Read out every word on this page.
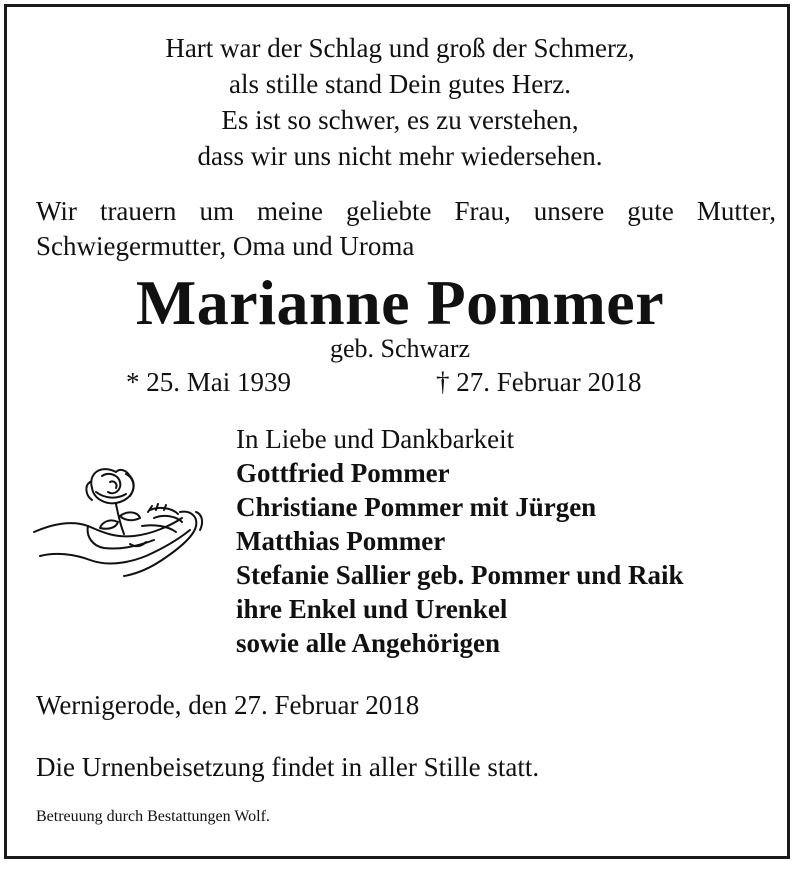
Hart war der Schlag und groß der Schmerz,
als stille stand Dein gutes Herz.
Es ist so schwer, es zu verstehen,
dass wir uns nicht mehr wiedersehen.
Wir trauern um meine geliebte Frau, unsere gute Mutter,
Schwiegermutter, Oma und Uroma
Marianne Pommer
geb. Schwarz
* 25. Mai 1939	† 27. Februar 2018
In Liebe und Dankbarkeit
Gottfried Pommer
Christiane Pommer mit Jürgen
Matthias Pommer
Stefanie Sallier geb. Pommer und Raik
ihre Enkel und Urenkel
sowie alle Angehörigen
Wernigerode, den 27. Februar 2018
Die Urnenbeisetzung findet in aller Stille statt.
Betreuung durch Bestattungen Wolf.
